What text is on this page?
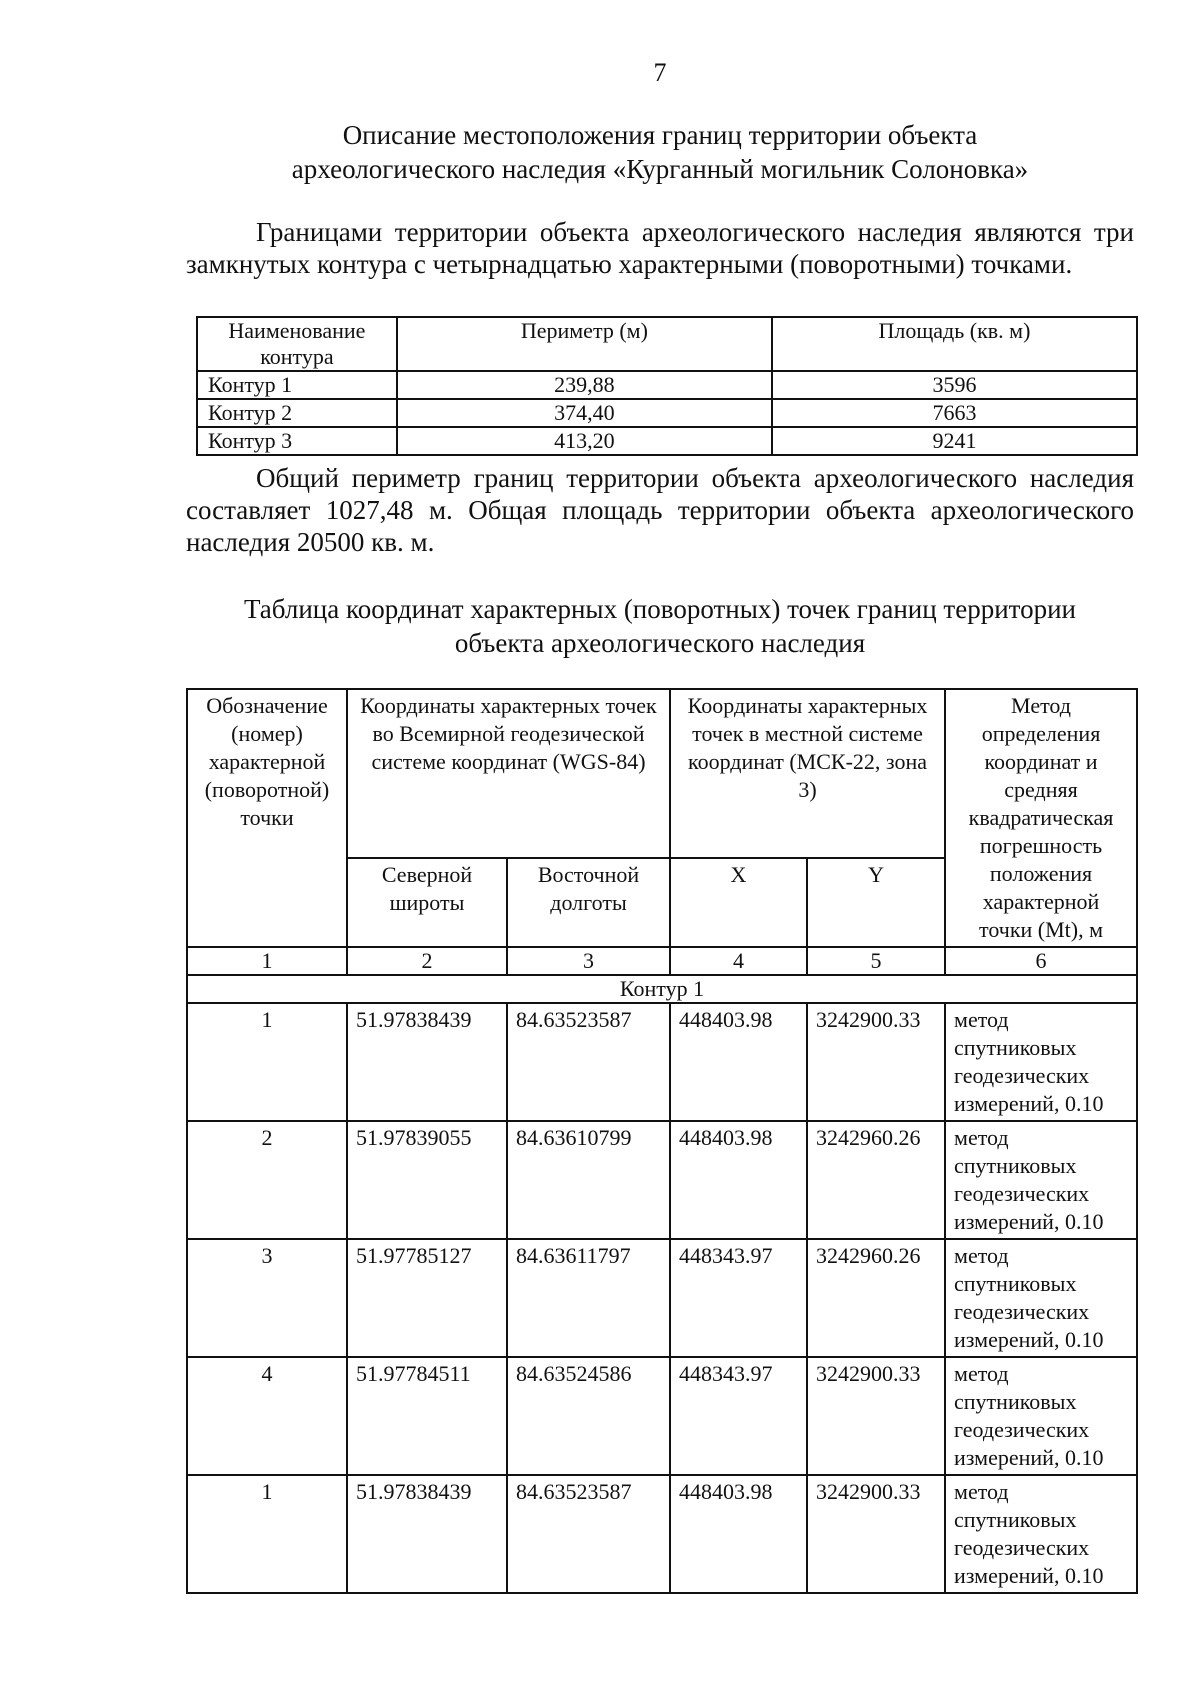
7
Описание местоположения границ территории объекта
археологического наследия «Курганный могильник Солоновка»

Границами территории объекта археологического наследия являются три замкнутых контура с четырнадцатью характерными (поворотными) точками.

Наименование контура	Периметр (м)	Площадь (кв. м)
Контур 1	239,88	3596
Контур 2	374,40	7663
Контур 3	413,20	9241

Общий периметр границ территории объекта археологического наследия составляет 1027,48 м. Общая площадь территории объекта археологического наследия 20500 кв. м.

Таблица координат характерных (поворотных) точек границ территории
объекта археологического наследия
Обозначение (номер) характерной (поворотной) точки	Координаты характерных точек во Всемирной геодезической системе координат (WGS-84)		Координаты характерных точек в местной системе координат (МСК-22, зона 3)		Метод определения координат и средняя квадратическая погрешность положения характерной точки (Mt), м
	Северной широты	Восточной долготы	X	Y	
1	2	3	4	5	6
Контур 1					
1	51.97838439	84.63523587	448403.98	3242900.33	метод спутниковых геодезических измерений, 0.10
2	51.97839055	84.63610799	448403.98	3242960.26	метод спутниковых геодезических измерений, 0.10
3	51.97785127	84.63611797	448343.97	3242960.26	метод спутниковых геодезических измерений, 0.10
4	51.97784511	84.63524586	448343.97	3242900.33	метод спутниковых геодезических измерений, 0.10
1	51.97838439	84.63523587	448403.98	3242900.33	метод спутниковых геодезических измерений, 0.10
